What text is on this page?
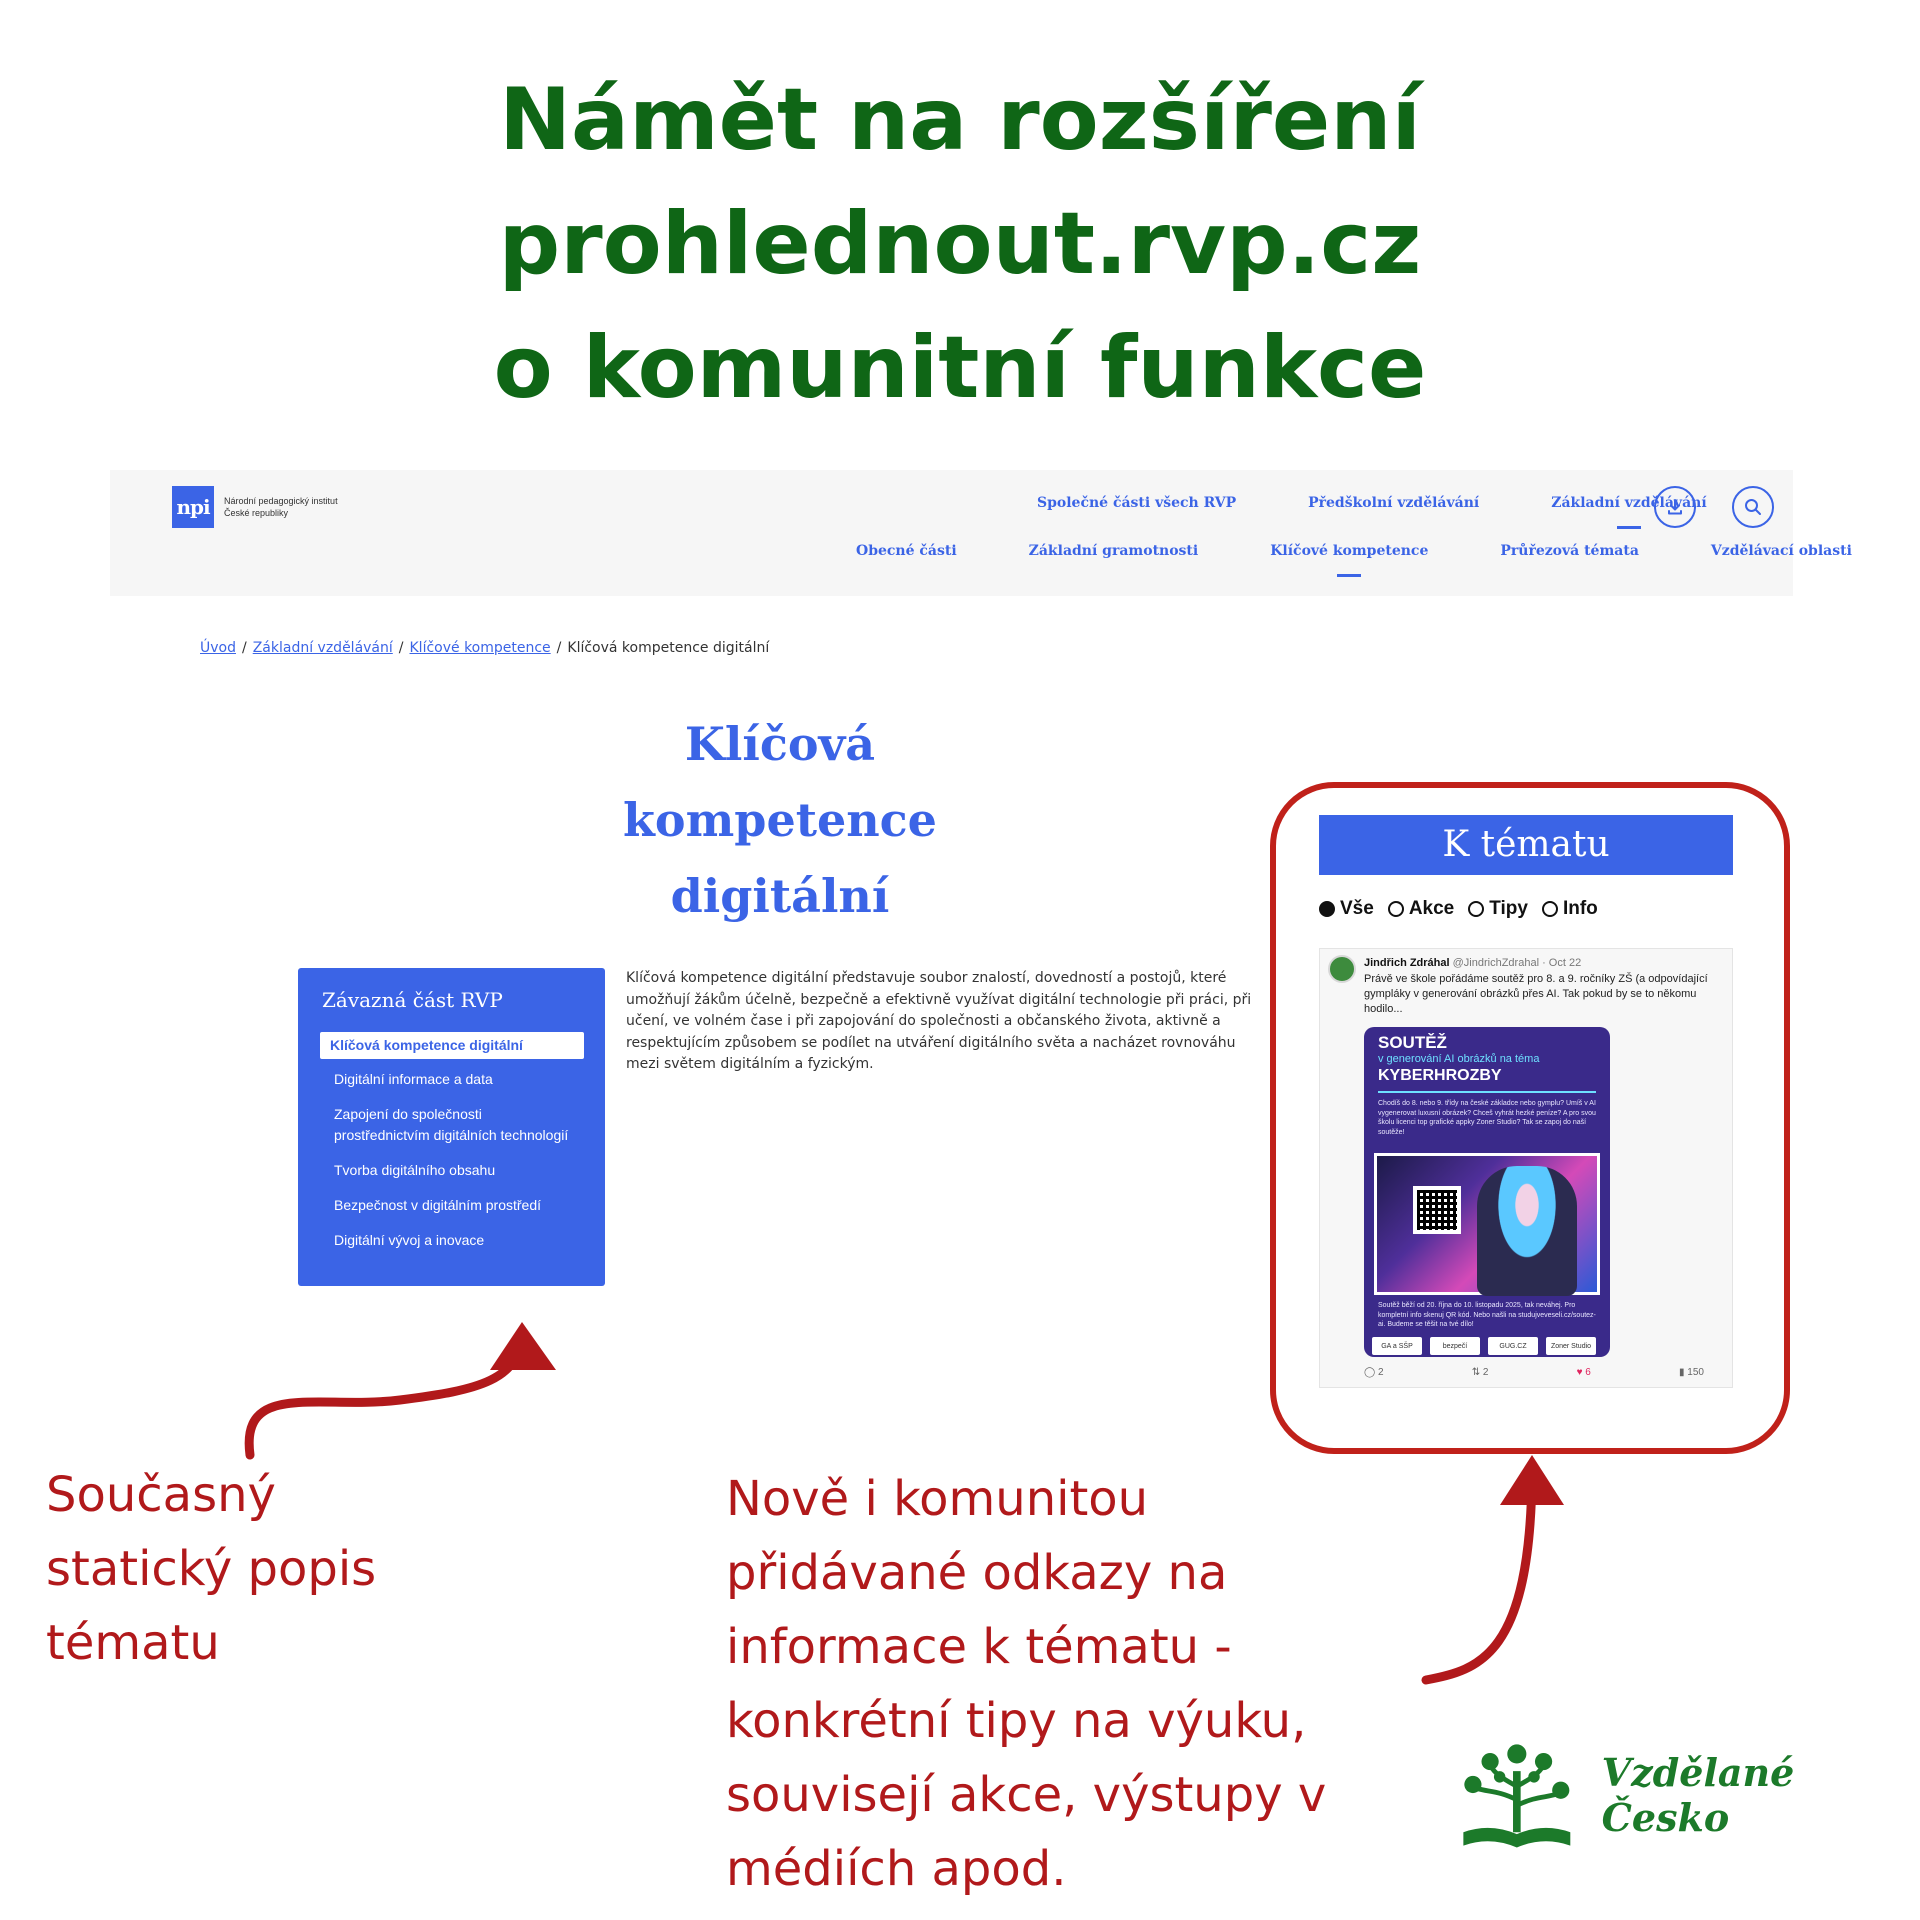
Námět na rozšíření prohlednout.rvp.cz
o komunitní funkce
npi	Národní pedagogický institut
České republiky
Společné části všech RVP	Předškolní vzdělávání	Základní vzdělávání
Obecné části	Základní gramotnosti	Klíčové kompetence	Průřezová témata	Vzdělávací oblasti
Úvod / Základní vzdělávání / Klíčové kompetence / Klíčová kompetence digitální
Klíčová kompetence
digitální
Závazná část RVP
Klíčová kompetence digitální
Digitální informace a data
Zapojení do společnosti prostřednictvím digitálních technologií
Tvorba digitálního obsahu
Bezpečnost v digitálním prostředí
Digitální vývoj a inovace

Klíčová kompetence digitální představuje soubor znalostí, dovedností a postojů, které umožňují žákům účelně, bezpečně a efektivně využívat digitální technologie při práci, při učení, ve volném čase i při zapojování do společnosti a občanského života, aktivně a respektujícím způsobem se podílet na utváření digitálního světa a nacházet rovnováhu mezi světem digitálním a fyzickým.

K tématu
Vše Akce Tipy Info
Jindřich Zdráhal @JindrichZdrahal · Oct 22
Právě ve škole pořádáme soutěž pro 8. a 9. ročníky ZŠ (a odpovídající gympláky v generování obrázků přes AI. Tak pokud by se to někomu hodilo...
SOUTĚŽ
v generování AI obrázků na téma
KYBERHROZBY
Chodíš do 8. nebo 9. třídy na české základce nebo gymplu? Umíš v AI vygenerovat luxusní obrázek? Chceš vyhrát hezké peníze? A pro svou školu licenci top grafické appky Zoner Studio? Tak se zapoj do naší soutěže!
Soutěž běží od 20. října do 10. listopadu 2025, tak neváhej. Pro kompletní info skenuj QR kód. Nebo našli na studujveveseli.cz/soutez-ai. Budeme se těšit na tvé dílo!
GA a SŠP	bezpečí	GUG.CZ	Zoner Studio
◯ 2	⇅ 2	♥ 6	▮ 150
Současný statický popis tématu
Nově i komunitou přidávané odkazy na informace k tématu - konkrétní tipy na výuku, souvisejí akce, výstupy v médiích apod.
Vzdělané Česko
